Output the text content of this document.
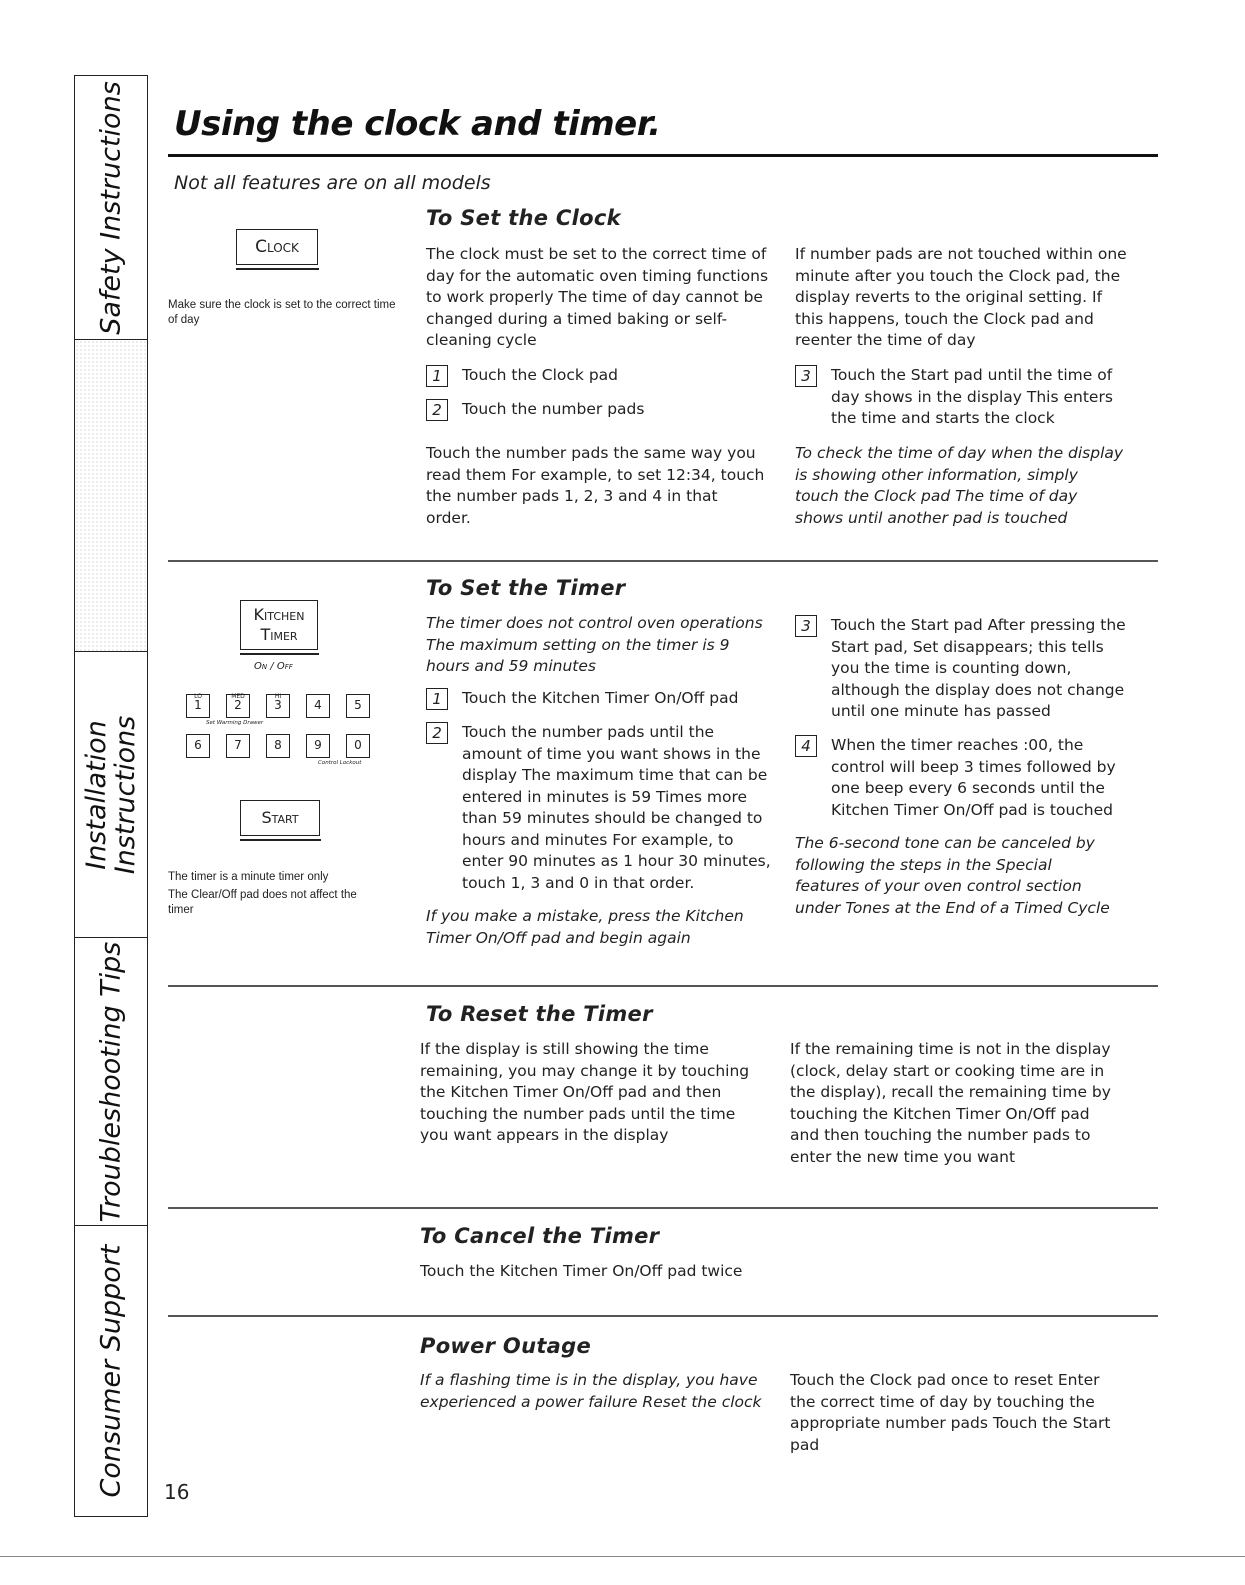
Safety Instructions
Installation
Instructions
Troubleshooting Tips
Consumer Support
Using the clock and timer.
Not all features are on all models
Clock
Make sure the clock is set to the correct time of day
To Set the Clock
The clock must be set to the correct time of day for the automatic oven timing functions to work properly The time of day cannot be changed during a timed baking or self-cleaning cycle
1	Touch the Clock pad
2	Touch the number pads
Touch the number pads the same way you read them For example, to set 12:34, touch the number pads 1, 2, 3 and 4 in that order.
If number pads are not touched within one minute after you touch the Clock pad, the display reverts to the original setting. If this happens, touch the Clock pad and reenter the time of day
3	Touch the Start pad until the time of day shows in the display This enters the time and starts the clock
To check the time of day when the display is showing other information, simply touch the Clock pad The time of day shows until another pad is touched
Kitchen
Timer
On / Off
LO
1
MED
2
HI
3	4	5
Set Warming Drawer
6	7	8	9	0
Control Lockout
Start
The timer is a minute timer only
The Clear/Off pad does not affect the timer
To Set the Timer
The timer does not control oven operations The maximum setting on the timer is 9 hours and 59 minutes
1	Touch the Kitchen Timer On/Off pad
2	Touch the number pads until the amount of time you want shows in the display The maximum time that can be entered in minutes is 59 Times more than 59 minutes should be changed to hours and minutes For example, to enter 90 minutes as 1 hour 30 minutes, touch 1, 3 and 0 in that order.
If you make a mistake, press the Kitchen Timer On/Off pad and begin again
3	Touch the Start pad After pressing the Start pad, Set disappears; this tells you the time is counting down, although the display does not change until one minute has passed
4	When the timer reaches :00, the control will beep 3 times followed by one beep every 6 seconds until the Kitchen Timer On/Off pad is touched
The 6-second tone can be canceled by following the steps in the Special features of your oven control section under Tones at the End of a Timed Cycle
To Reset the Timer
If the display is still showing the time remaining, you may change it by touching the Kitchen Timer On/Off pad and then touching the number pads until the time you want appears in the display
If the remaining time is not in the display (clock, delay start or cooking time are in the display), recall the remaining time by touching the Kitchen Timer On/Off pad and then touching the number pads to enter the new time you want
To Cancel the Timer
Touch the Kitchen Timer On/Off pad twice
Power Outage
If a flashing time is in the display, you have experienced a power failure Reset the clock
Touch the Clock pad once to reset Enter the correct time of day by touching the appropriate number pads Touch the Start pad
16
